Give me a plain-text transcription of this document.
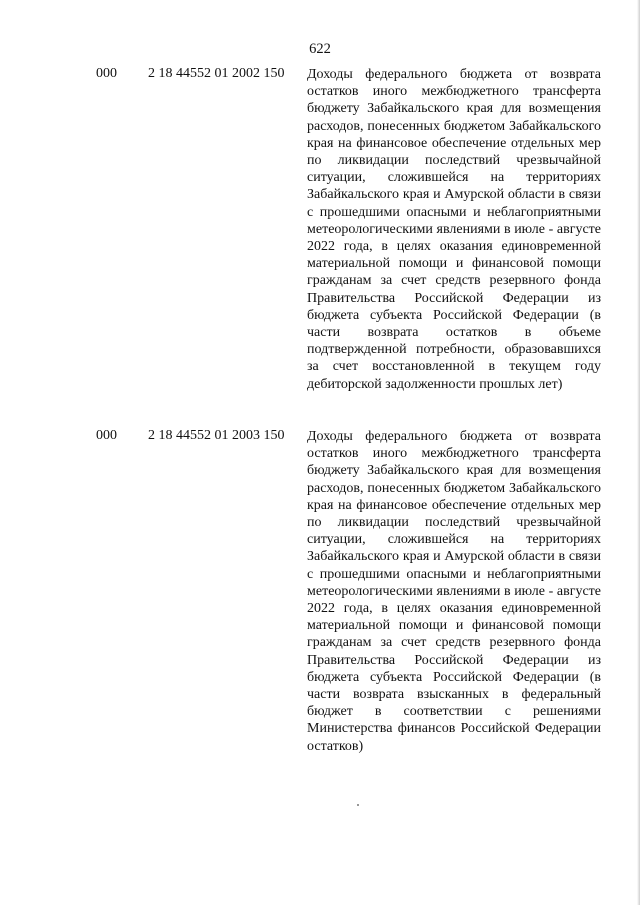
622
000 2 18 44552 01 2002 150 Доходы федерального бюджета от возврата остатков иного межбюджетного трансферта бюджету Забайкальского края для возмещения расходов, понесенных бюджетом Забайкальского края на финансовое обеспечение отдельных мер по ликвидации последствий чрезвычайной ситуации, сложившейся на территориях Забайкальского края и Амурской области в связи с прошедшими опасными и неблагоприятными метеорологическими явлениями в июле - августе 2022 года, в целях оказания единовременной материальной помощи и финансовой помощи гражданам за счет средств резервного фонда Правительства Российской Федерации из бюджета субъекта Российской Федерации (в части возврата остатков в объеме подтвержденной потребности, образовавшихся за счет восстановленной в текущем году дебиторской задолженности прошлых лет)
000 2 18 44552 01 2003 150 Доходы федерального бюджета от возврата остатков иного межбюджетного трансферта бюджету Забайкальского края для возмещения расходов, понесенных бюджетом Забайкальского края на финансовое обеспечение отдельных мер по ликвидации последствий чрезвычайной ситуации, сложившейся на территориях Забайкальского края и Амурской области в связи с прошедшими опасными и неблагоприятными метеорологическими явлениями в июле - августе 2022 года, в целях оказания единовременной материальной помощи и финансовой помощи гражданам за счет средств резервного фонда Правительства Российской Федерации из бюджета субъекта Российской Федерации (в части возврата взысканных в федеральный бюджет в соответствии с решениями Министерства финансов Российской Федерации остатков)
